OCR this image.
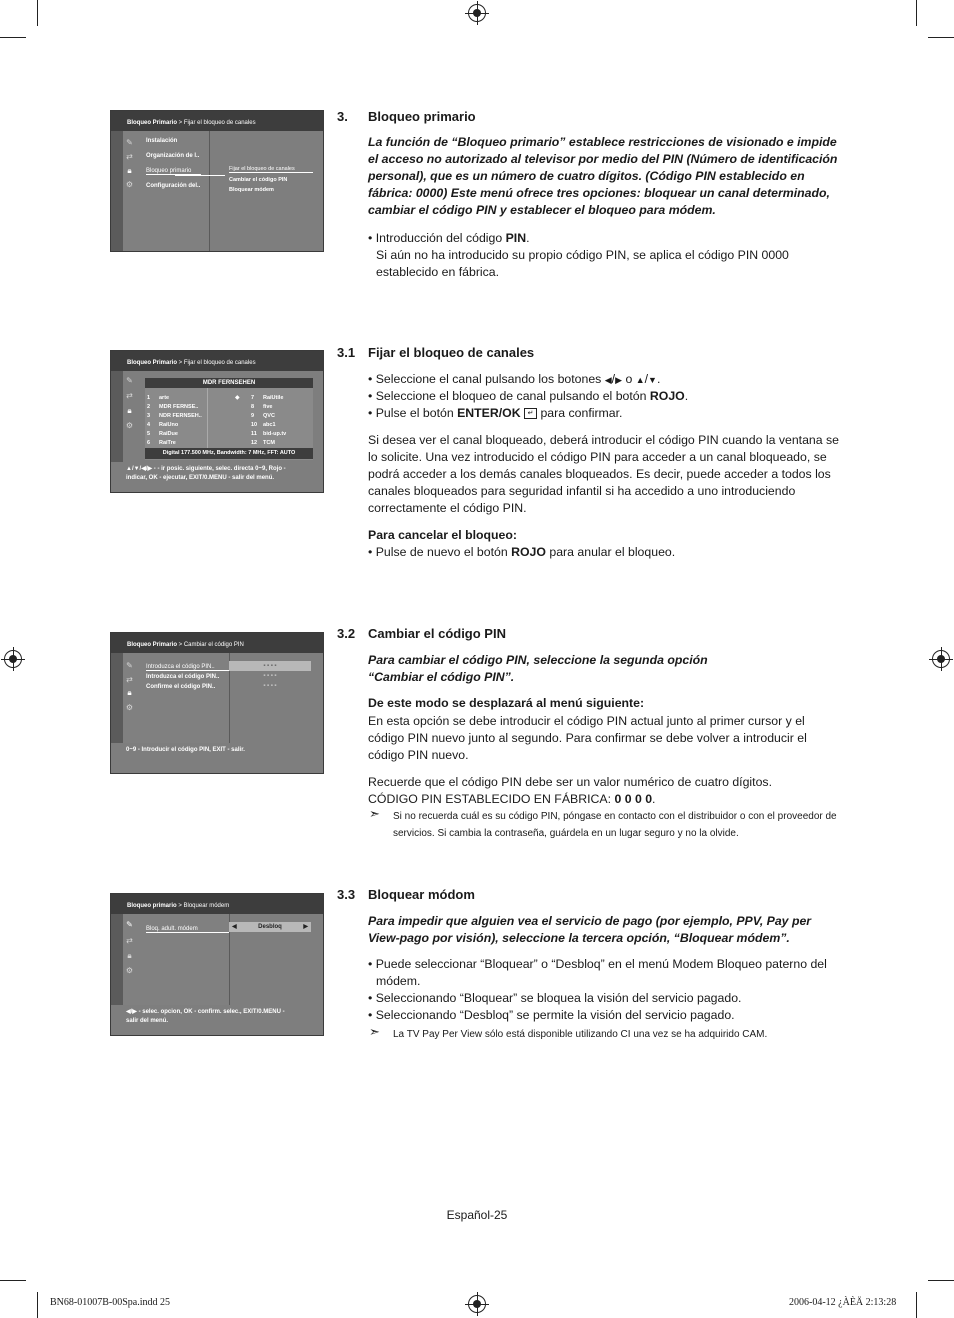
Bloqueo Primario > Fijar el bloqueo de canales
✎
⇄
🔒︎
⚙︎
Instalación
Organización de l..
Bloqueo primario
Configuración del..
Fijar el bloqueo de canales
Cambiar el código PIN
Bloquear módem
3. Bloqueo primario
La función de “Bloqueo primario” establece restricciones de visionado e impide el acceso no autorizado al televisor por medio del PIN (Número de identificación personal), que es un número de cuatro dígitos. (Código PIN establecido en fábrica: 0000) Este menú ofrece tres opciones: bloquear un canal determinado, cambiar el código PIN y establecer el bloqueo para módem.
• Introducción del código PIN.
Si aún no ha introducido su propio código PIN, se aplica el código PIN 0000
establecido en fábrica.
Bloqueo Primario > Fijar el bloqueo de canales
✎
⇄
🔒︎
⚙︎
MDR FERNSEHEN
Digital 177.500 MHz, Bandwidth: 7 MHz, FFT: AUTO
◆
▲/▼/◀/▶ - - ir posic. siguiente, selec. directa 0~9, Rojo -
indicar, OK - ejecutar, EXIT/0.MENU - salir del menú.
1 arte
2 MDR FERNSE..
3 NDR FERNSEH..
4 RaiUno
5 RaiDue
6 RaiTre
7 RaiUtile
8 five
9 QVC
10 abc1
11 bid-up.tv
12 TCM
3.1 Fijar el bloqueo de canales
• Seleccione el canal pulsando los botones ◀/▶ o ▲/▼.
• Seleccione el bloqueo de canal pulsando el botón ROJO.
• Pulse el botón ENTER/OK ↵ para confirmar.
Si desea ver el canal bloqueado, deberá introducir el código PIN cuando la ventana se lo solicite. Una vez introducido el código PIN para acceder a un canal bloqueado, se podrá acceder a los demás canales bloqueados. Es decir, puede acceder a todos los canales bloqueados para seguridad infantil si ha accedido a uno introduciendo correctamente el código PIN.
Para cancelar el bloqueo:
• Pulse de nuevo el botón ROJO para anular el bloqueo.
Bloqueo Primario > Cambiar el código PIN
✎
⇄
🔒︎
⚙︎
Introduzca el código PIN..
Introduzca el código PIN..
Confirme el código PIN..
- - - -
- - - -
- - - -
0~9 - Introducir el código PIN, EXIT - salir.
3.2 Cambiar el código PIN
Para cambiar el código PIN, seleccione la segunda opción
“Cambiar el código PIN”.
De este modo se desplazará al menú siguiente:
En esta opción se debe introducir el código PIN actual junto al primer cursor y el código PIN nuevo junto al segundo. Para confirmar se debe volver a introducir el código PIN nuevo.
Recuerde que el código PIN debe ser un valor numérico de cuatro dígitos.
CÓDIGO PIN ESTABLECIDO EN FÁBRICA: 0 0 0 0.
➣ Si no recuerda cuál es su código PIN, póngase en contacto con el distribuidor o con el proveedor de servicios. Si cambia la contraseña, guárdela en un lugar seguro y no la olvide.
Bloqueo primario > Bloquear módem
✎
⇄
🔒︎
⚙︎
Bloq. adult. módem	◀	Desbloq	▶
◀/▶ - selec. opcion, OK - confirm. selec., EXIT/0.MENU -
salir del menú.
3.3 Bloquear módom
Para impedir que alguien vea el servicio de pago (por ejemplo, PPV, Pay per View-pago por visión), seleccione la tercera opción, “Bloquear módem”.
• Puede seleccionar “Bloquear” o “Desbloq” en el menú Modem Bloqueo paterno del
módem.
• Seleccionando “Bloquear” se bloquea la visión del servicio pagado.
• Seleccionando “Desbloq” se permite la visión del servicio pagado.
➣ La TV Pay Per View sólo está disponible utilizando CI una vez se ha adquirido CAM.
Español-25
BN68-01007B-00Spa.indd 25	2006-04-12 ¿ÀÈÄ 2:13:28
